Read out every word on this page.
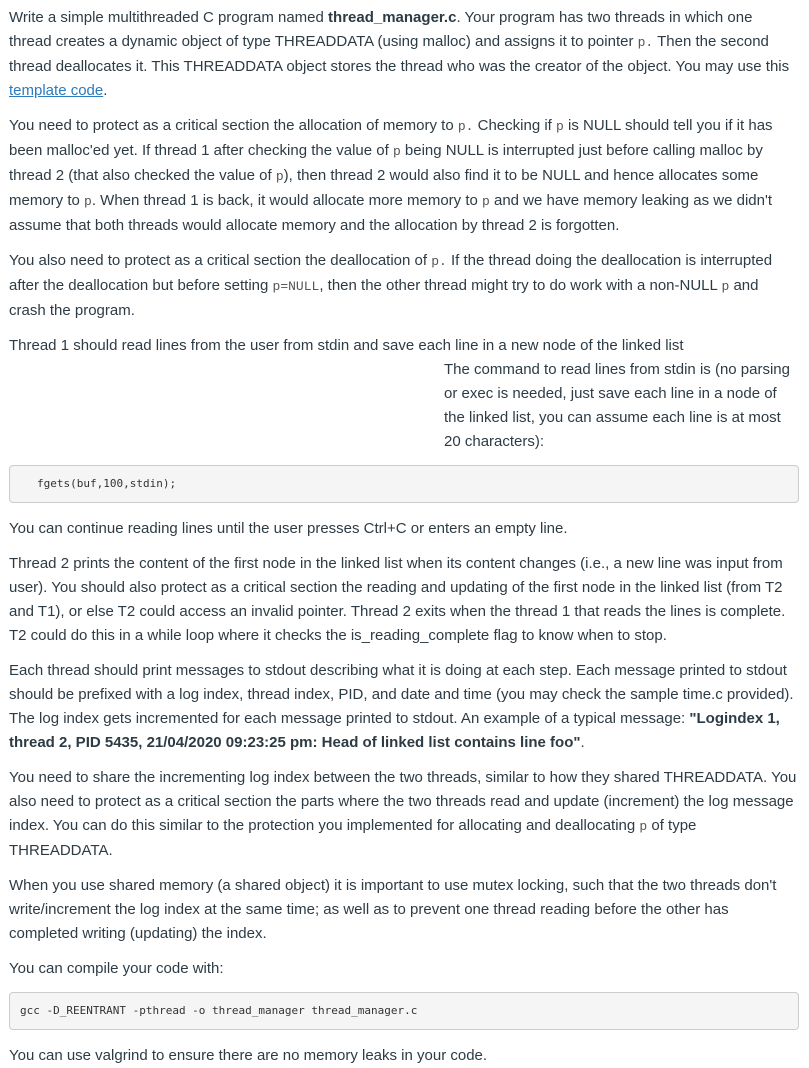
Write a simple multithreaded C program named thread_manager.c. Your program has two threads in which one thread creates a dynamic object of type THREADDATA (using malloc) and assigns it to pointer p. Then the second thread deallocates it. This THREADDATA object stores the thread who was the creator of the object. You may use this template code.

You need to protect as a critical section the allocation of memory to p. Checking if p is NULL should tell you if it has been malloc'ed yet. If thread 1 after checking the value of p being NULL is interrupted just before calling malloc by thread 2 (that also checked the value of p), then thread 2 would also find it to be NULL and hence allocates some memory to p. When thread 1 is back, it would allocate more memory to p and we have memory leaking as we didn't assume that both threads would allocate memory and the allocation by thread 2 is forgotten.

You also need to protect as a critical section the deallocation of p. If the thread doing the deallocation is interrupted after the deallocation but before setting p=NULL, then the other thread might try to do work with a non-NULL p and crash the program.

Thread 1 should read lines from the user from stdin and save each line in a new node of the linked list
The command to read lines from stdin is (no parsing or exec is needed, just save each line in a node of the linked list, you can assume each line is at most 20 characters):

fgets(buf,100,stdin);

You can continue reading lines until the user presses Ctrl+C or enters an empty line.

Thread 2 prints the content of the first node in the linked list when its content changes (i.e., a new line was input from user). You should also protect as a critical section the reading and updating of the first node in the linked list (from T2 and T1), or else T2 could access an invalid pointer. Thread 2 exits when the thread 1 that reads the lines is complete. T2 could do this in a while loop where it checks the is_reading_complete flag to know when to stop.

Each thread should print messages to stdout describing what it is doing at each step. Each message printed to stdout should be prefixed with a log index, thread index, PID, and date and time (you may check the sample time.c provided). The log index gets incremented for each message printed to stdout. An example of a typical message: "Logindex 1, thread 2, PID 5435, 21/04/2020 09:23:25 pm: Head of linked list contains line foo".

You need to share the incrementing log index between the two threads, similar to how they shared THREADDATA. You also need to protect as a critical section the parts where the two threads read and update (increment) the log message index. You can do this similar to the protection you implemented for allocating and deallocating p of type THREADDATA.

When you use shared memory (a shared object) it is important to use mutex locking, such that the two threads don't write/increment the log index at the same time; as well as to prevent one thread reading before the other has completed writing (updating) the index.

You can compile your code with:

gcc -D_REENTRANT -pthread -o thread_manager thread_manager.c

You can use valgrind to ensure there are no memory leaks in your code.
